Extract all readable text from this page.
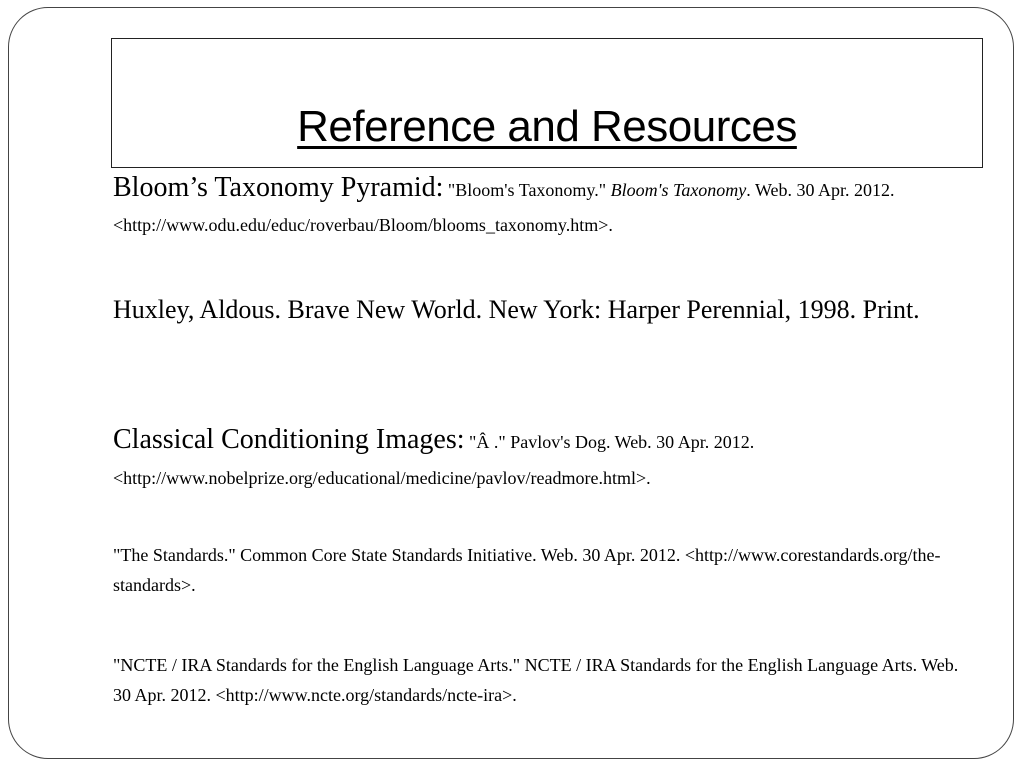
Reference and Resources

Bloom’s Taxonomy Pyramid: "Bloom's Taxonomy." Bloom's Taxonomy. Web. 30 Apr. 2012. <http://www.odu.edu/educ/roverbau/Bloom/blooms_taxonomy.htm>.

Huxley, Aldous. Brave New World. New York: Harper Perennial, 1998. Print.

Classical Conditioning Images: "Â ." Pavlov's Dog. Web. 30 Apr. 2012. <http://www.nobelprize.org/educational/medicine/pavlov/readmore.html>.

"The Standards." Common Core State Standards Initiative. Web. 30 Apr. 2012. <http://www.corestandards.org/the-standards>.

"NCTE / IRA Standards for the English Language Arts." NCTE / IRA Standards for the English Language Arts. Web. 30 Apr. 2012. <http://www.ncte.org/standards/ncte-ira>.
